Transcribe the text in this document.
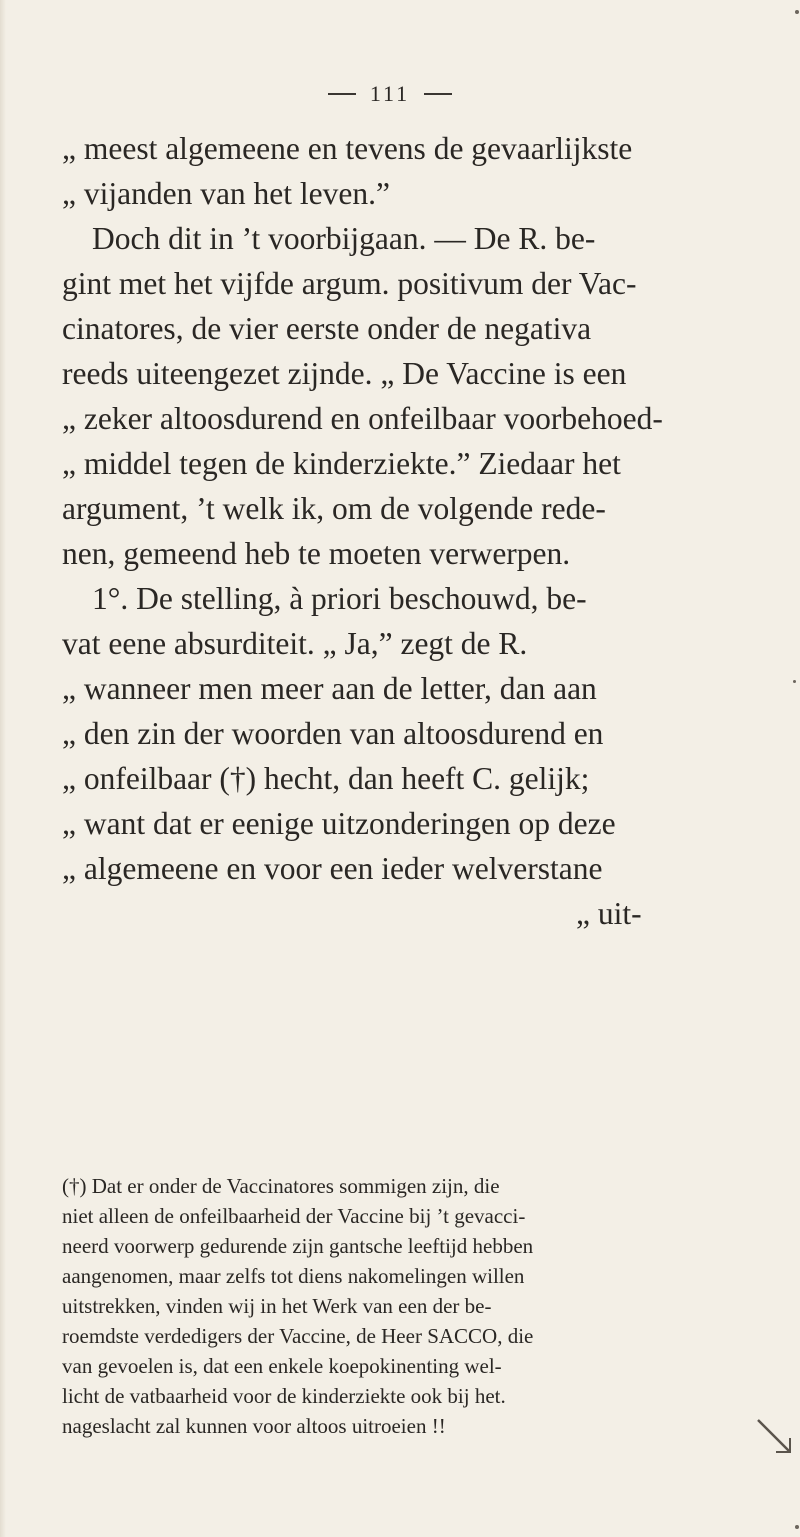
111
„ meest algemeene en tevens de gevaarlijkste
„ vijanden van het leven.”
Doch dit in ’t voorbijgaan. — De R. be-
gint met het vijfde argum. positivum der Vac-
cinatores, de vier eerste onder de negativa
reeds uiteengezet zijnde. „ De Vaccine is een
„ zeker altoosdurend en onfeilbaar voorbehoed-
„ middel tegen de kinderziekte.” Ziedaar het
argument, ’t welk ik, om de volgende rede-
nen, gemeend heb te moeten verwerpen.
1°. De stelling, à priori beschouwd, be-
vat eene absurditeit. „ Ja,” zegt de R.
„ wanneer men meer aan de letter, dan aan
„ den zin der woorden van altoosdurend en
„ onfeilbaar (†) hecht, dan heeft C. gelijk;
„ want dat er eenige uitzonderingen op deze
„ algemeene en voor een ieder welverstane
„ uit-
(†) Dat er onder de Vaccinatores sommigen zijn, die
niet alleen de onfeilbaarheid der Vaccine bij ’t gevacci-
neerd voorwerp gedurende zijn gantsche leeftijd hebben
aangenomen, maar zelfs tot diens nakomelingen willen
uitstrekken, vinden wij in het Werk van een der be-
roemdste verdedigers der Vaccine, de Heer SACCO, die
van gevoelen is, dat een enkele koepokinenting wel-
licht de vatbaarheid voor de kinderziekte ook bij het.
nageslacht zal kunnen voor altoos uitroeien !!
